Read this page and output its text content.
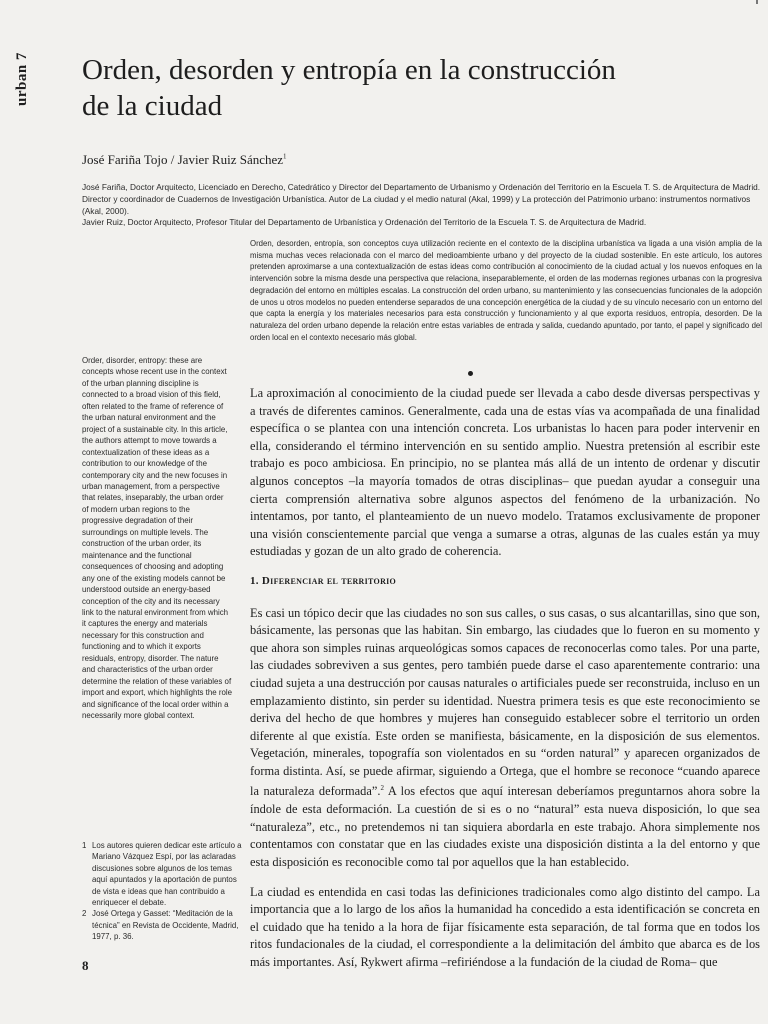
urban 7 Orden, desorden y entropía en la construcción
de la ciudad
José Fariña Tojo / Javier Ruiz Sánchez$^1$

José Fariña, Doctor Arquitecto, Licenciado en Derecho, Catedrático y Director del Departamento de Urbanismo y Ordenación del Territorio en la Escuela T. S. de Arquitectura de Madrid. Director y coordinador de Cuadernos de Investigación Urbanística. Autor de La ciudad y el medio natural (Akal, 1999) y La protección del Patrimonio urbano: instrumentos normativos (Akal, 2000).

Javier Ruiz, Doctor Arquitecto, Profesor Titular del Departamento de Urbanística y Ordenación del Territorio de la Escuela T. S. de Arquitectura de Madrid.

Orden, desorden, entropía, son conceptos cuya utilización reciente en el contexto de la disciplina urbanística va ligada a una visión amplia de la misma muchas veces relacionada con el marco del medioambiente urbano y del proyecto de la ciudad sostenible. En este artículo, los autores pretenden aproximarse a una contextualización de estas ideas como contribución al conocimiento de la ciudad actual y los nuevos enfoques en la intervención sobre la misma desde una perspectiva que relaciona, inseparablemente, el orden de las modernas regiones urbanas con la progresiva degradación del entorno en múltiples escalas. La construcción del orden urbano, su mantenimiento y las consecuencias funcionales de la adopción de unos u otros modelos no pueden entenderse separados de una concepción energética de la ciudad y de su vínculo necesario con un entorno del que capta la energía y los materiales necesarios para esta construcción y funcionamiento y al que exporta residuos, entropía, desorden. De la naturaleza del orden urbano depende la relación entre estas variables de entrada y salida, cuedando apuntado, por tanto, el papel y significado del orden local en el contexto necesario más global.
Order, disorder, entropy: these are concepts whose recent use in the context of the urban planning discipline is connected to a broad vision of this field, often related to the frame of reference of the urban natural environment and the project of a sustainable city. In this article, the authors attempt to move towards a contextualization of these ideas as a contribution to our knowledge of the contemporary city and the new focuses in urban management, from a perspective that relates, inseparably, the urban order of modern urban regions to the progressive degradation of their surroundings on multiple levels. The construction of the urban order, its maintenance and the functional consequences of choosing and adopting any one of the existing models cannot be understood outside an energy-based conception of the city and its necessary link to the natural environment from which it captures the energy and materials necessary for this construction and functioning and to which it exports residuals, entropy, disorder. The nature and characteristics of the urban order determine the relation of these variables of import and export, which highlights the role and significance of the local order within a necessarily more global context.

La aproximación al conocimiento de la ciudad puede ser llevada a cabo desde diversas perspectivas y a través de diferentes caminos. Generalmente, cada una de estas vías va acompañada de una finalidad específica o se plantea con una intención concreta. Los urbanistas lo hacen para poder intervenir en ella, considerando el término intervención en su sentido amplio. Nuestra pretensión al escribir este trabajo es poco ambiciosa. En principio, no se plantea más allá de un intento de ordenar y discutir algunos conceptos –la mayoría tomados de otras disciplinas– que puedan ayudar a conseguir una cierta comprensión alternativa sobre algunos aspectos del fenómeno de la urbanización. No intentamos, por tanto, el planteamiento de un nuevo modelo. Tratamos exclusivamente de proponer una visión conscientemente parcial que venga a sumarse a otras, algunas de las cuales están ya muy estudiadas y gozan de un alto grado de coherencia.

1. Diferenciar el territorio

Es casi un tópico decir que las ciudades no son sus calles, o sus casas, o sus alcantarillas, sino que son, básicamente, las personas que las habitan. Sin embargo, las ciudades que lo fueron en su momento y que ahora son simples ruinas arqueológicas somos capaces de reconocerlas como tales. Por una parte, las ciudades sobreviven a sus gentes, pero también puede darse el caso aparentemente contrario: una ciudad sujeta a una destrucción por causas naturales o artificiales puede ser reconstruida, incluso en un emplazamiento distinto, sin perder su identidad. Nuestra primera tesis es que este reconocimiento se deriva del hecho de que hombres y mujeres han conseguido establecer sobre el territorio un orden diferente al que existía. Este orden se manifiesta, básicamente, en la disposición de sus elementos. Vegetación, minerales, topografía son violentados en su “orden natural” y aparecen organizados de forma distinta. Así, se puede afirmar, siguiendo a Ortega, que el hombre se reconoce “cuando aparece la naturaleza deformada”.$^2$ A los efectos que aquí interesan deberíamos preguntarnos ahora sobre la índole de esta deformación. La cuestión de si es o no “natural” esta nueva disposición, lo que sea “naturaleza”, etc., no pretendemos ni tan siquiera abordarla en este trabajo. Ahora simplemente nos contentamos con constatar que en las ciudades existe una disposición distinta a la del entorno y que esta disposición es reconocible como tal por aquellos que la han establecido.

La ciudad es entendida en casi todas las definiciones tradicionales como algo distinto del campo. La importancia que a lo largo de los años la humanidad ha concedido a esta identificación se concreta en el cuidado que ha tenido a la hora de fijar físicamente esta separación, de tal forma que en todos los ritos fundacionales de la ciudad, el correspondiente a la delimitación del ámbito que abarca es de los más importantes. Así, Rykwert afirma –refiriéndose a la fundación de la ciudad de Roma– que

1 Los autores quieren dedicar este artículo a Mariano Vázquez Espí, por las aclaradas discusiones sobre algunos de los temas aquí apuntados y la aportación de puntos de vista e ideas que han contribuido a enriquecer el debate.
2 José Ortega y Gasset: “Meditación de la técnica” en Revista de Occidente, Madrid, 1977, p. 36.
8
